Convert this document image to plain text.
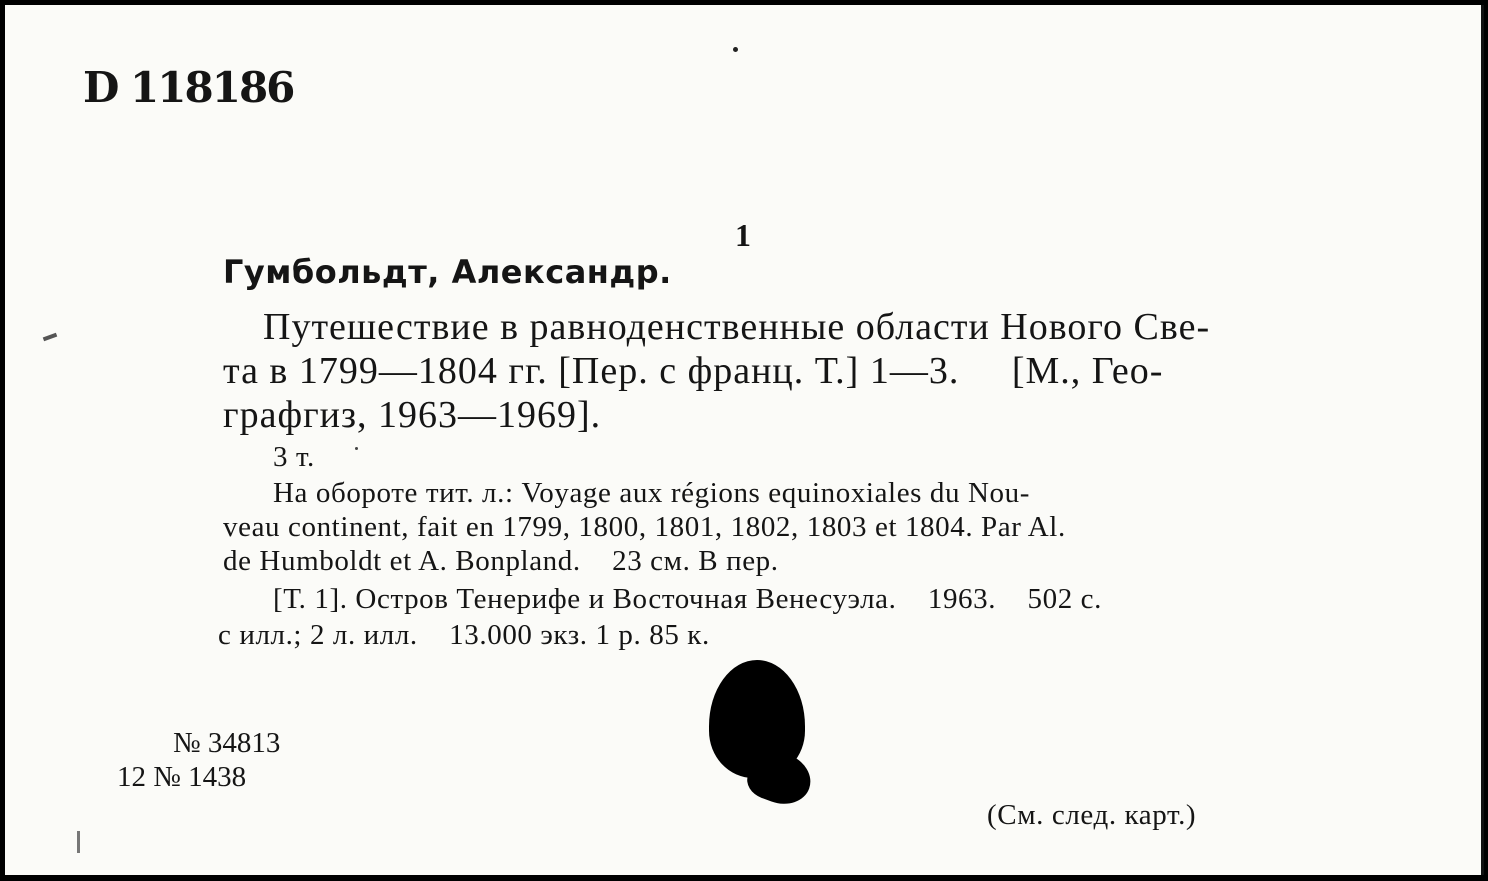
D 118186
1
Гумбольдт, Александр.
Путешествие в равноденственные области Нового Све-
та в 1799—1804 гг. [Пер. с франц. Т.] 1—3.     [М., Гео-
графгиз, 1963—1969].
3 т.
На обороте тит. л.: Voyage aux régions equinoxiales du Nou-
veau continent, fait en 1799, 1800, 1801, 1802, 1803 et 1804. Par Al.
de Humboldt et A. Bonpland.    23 см. В пер.
[Т. 1]. Остров Тенерифе и Восточная Венесуэла.    1963.    502 с.
с илл.; 2 л. илл.    13.000 экз. 1 р. 85 к.
№ 34813
12 № 1438
(См. след. карт.)
